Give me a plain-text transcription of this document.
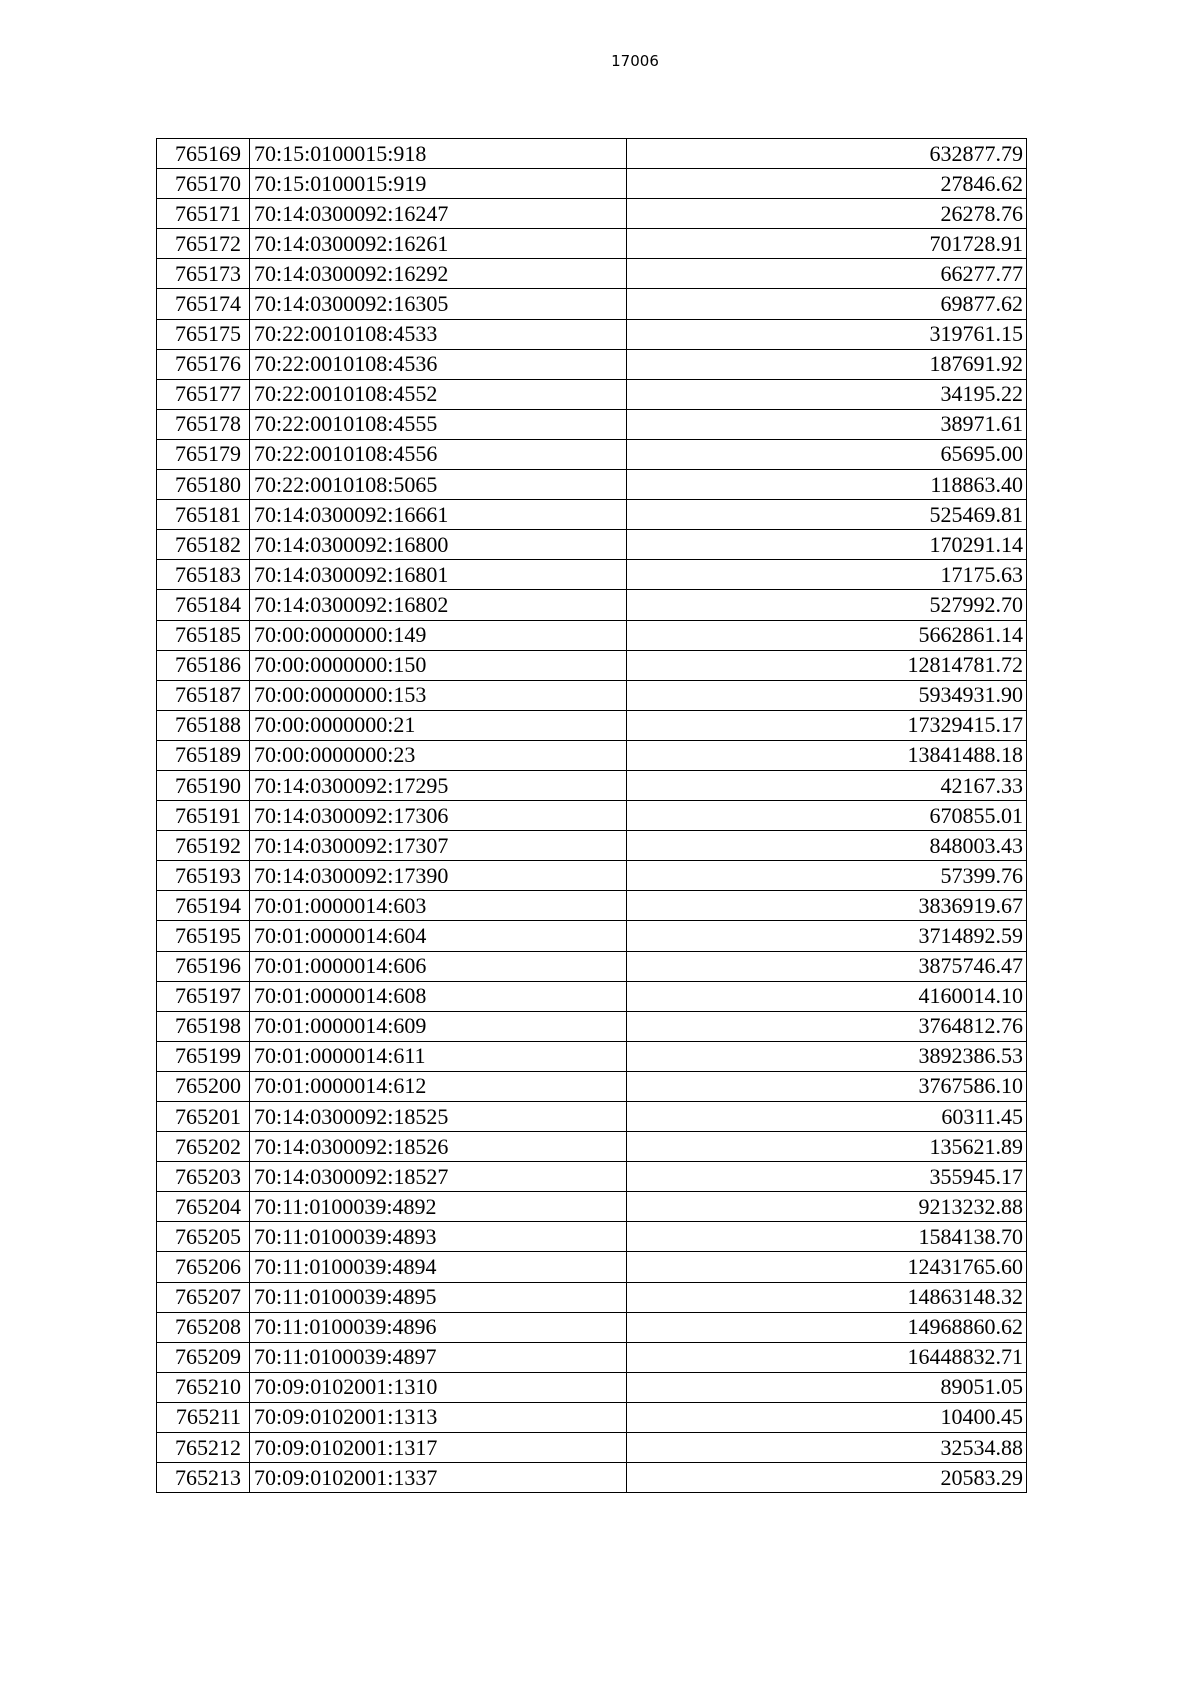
17006
765169	70:15:0100015:918	632877.79
765170	70:15:0100015:919	27846.62
765171	70:14:0300092:16247	26278.76
765172	70:14:0300092:16261	701728.91
765173	70:14:0300092:16292	66277.77
765174	70:14:0300092:16305	69877.62
765175	70:22:0010108:4533	319761.15
765176	70:22:0010108:4536	187691.92
765177	70:22:0010108:4552	34195.22
765178	70:22:0010108:4555	38971.61
765179	70:22:0010108:4556	65695.00
765180	70:22:0010108:5065	118863.40
765181	70:14:0300092:16661	525469.81
765182	70:14:0300092:16800	170291.14
765183	70:14:0300092:16801	17175.63
765184	70:14:0300092:16802	527992.70
765185	70:00:0000000:149	5662861.14
765186	70:00:0000000:150	12814781.72
765187	70:00:0000000:153	5934931.90
765188	70:00:0000000:21	17329415.17
765189	70:00:0000000:23	13841488.18
765190	70:14:0300092:17295	42167.33
765191	70:14:0300092:17306	670855.01
765192	70:14:0300092:17307	848003.43
765193	70:14:0300092:17390	57399.76
765194	70:01:0000014:603	3836919.67
765195	70:01:0000014:604	3714892.59
765196	70:01:0000014:606	3875746.47
765197	70:01:0000014:608	4160014.10
765198	70:01:0000014:609	3764812.76
765199	70:01:0000014:611	3892386.53
765200	70:01:0000014:612	3767586.10
765201	70:14:0300092:18525	60311.45
765202	70:14:0300092:18526	135621.89
765203	70:14:0300092:18527	355945.17
765204	70:11:0100039:4892	9213232.88
765205	70:11:0100039:4893	1584138.70
765206	70:11:0100039:4894	12431765.60
765207	70:11:0100039:4895	14863148.32
765208	70:11:0100039:4896	14968860.62
765209	70:11:0100039:4897	16448832.71
765210	70:09:0102001:1310	89051.05
765211	70:09:0102001:1313	10400.45
765212	70:09:0102001:1317	32534.88
765213	70:09:0102001:1337	20583.29
